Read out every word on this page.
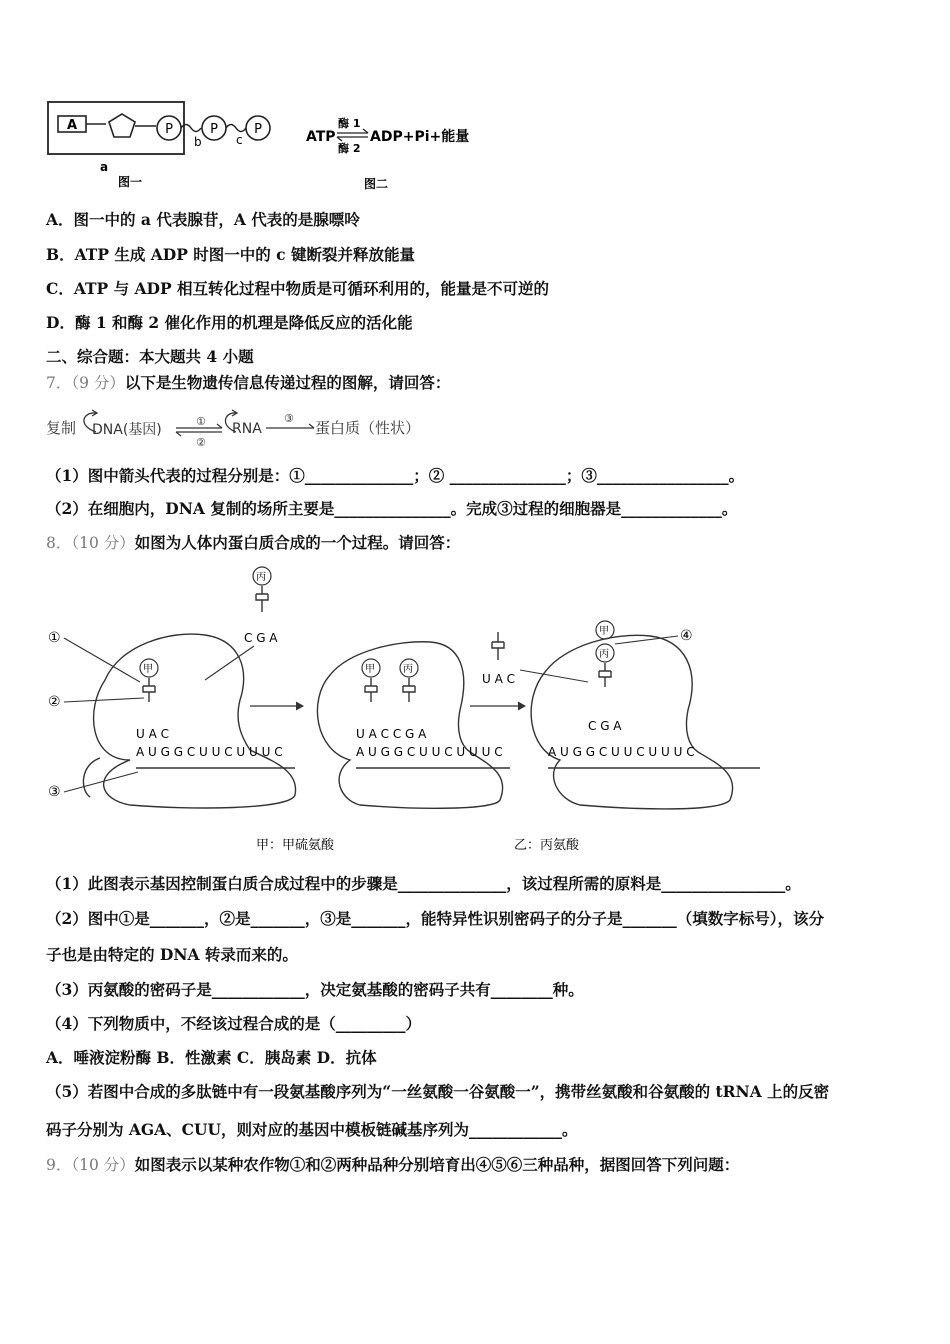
A	P	P	P
b	c
a
图一
ATP
酶 1
酶 2
ADP+Pi+能量
图二
A．图一中的 a 代表腺苷，A 代表的是腺嘌呤
B．ATP 生成 ADP 时图一中的 c 键断裂并释放能量
C．ATP 与 ADP 相互转化过程中物质是可循环利用的，能量是不可逆的
D．酶 1 和酶 2 催化作用的机理是降低反应的活化能
二、综合题：本大题共 4 小题
7．（9 分）以下是生物遗传信息传递过程的图解，请回答：
复制 DNA(基因)
①
②
RNA
③
蛋白质（性状）
（1）图中箭头代表的过程分别是：①______________；② _______________；③_________________。
（2）在细胞内，DNA 复制的场所主要是_______________。完成③过程的细胞器是_____________。
8．（10 分）如图为人体内蛋白质合成的一个过程。请回答：
①
②
③
甲
丙
C G A
U A C
A U G G C U U C U U U C
甲	丙
U A C C G A
A U G G C U U C U U U C
U A C
甲
丙
④
C G A
A U G G C U U C U U U C
甲：甲硫氨酸	乙：丙氨酸
（1）此图表示基因控制蛋白质合成过程中的步骤是______________，该过程所需的原料是________________。
（2）图中①是_______，②是_______，③是_______，能特异性识别密码子的分子是_______（填数字标号），该分
子也是由特定的 DNA 转录而来的。
（3）丙氨酸的密码子是____________，决定氨基酸的密码子共有________种。
（4）下列物质中，不经该过程合成的是（_________）
A．唾液淀粉酶 B．性激素 C．胰岛素 D．抗体
（5）若图中合成的多肽链中有一段氨基酸序列为“一丝氨酸一谷氨酸一”，携带丝氨酸和谷氨酸的 tRNA 上的反密
码子分别为 AGA、CUU，则对应的基因中模板链碱基序列为____________。
9．（10 分）如图表示以某种农作物①和②两种品种分别培育出④⑤⑥三种品种，据图回答下列问题：
